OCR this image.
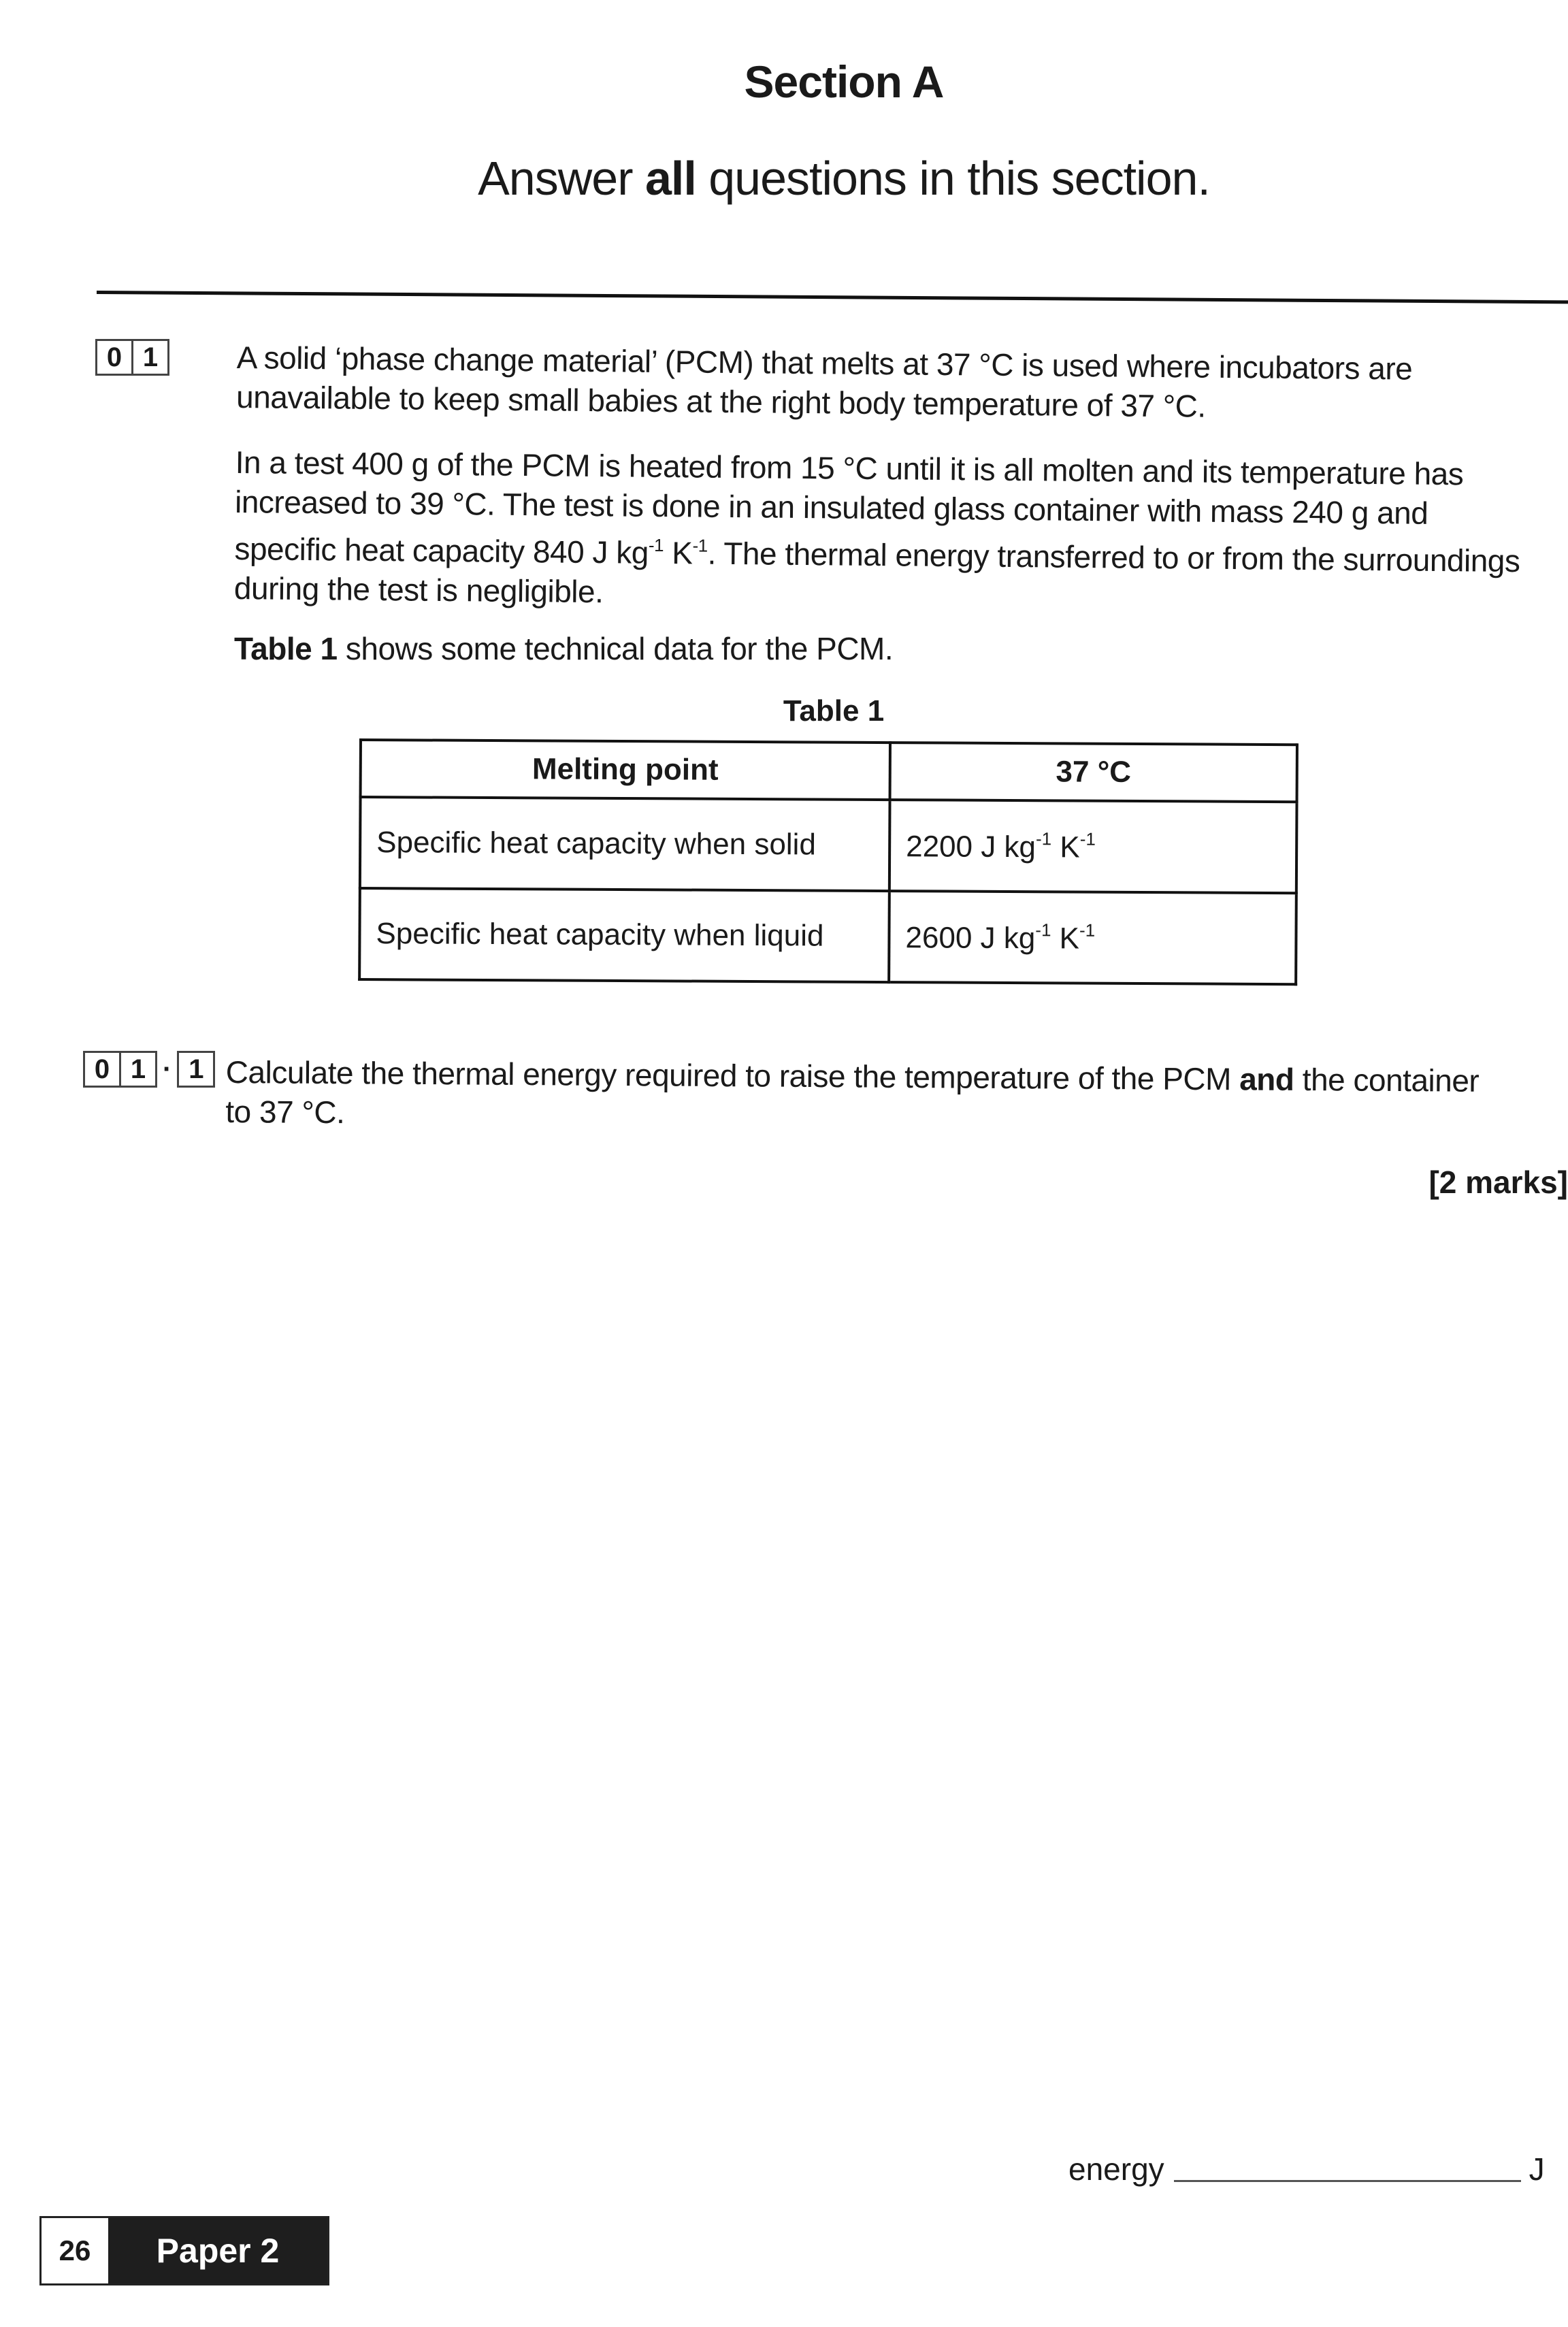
Section A
Answer all questions in this section.
0 1	A solid ‘phase change material’ (PCM) that melts at 37 °C is used where incubators are unavailable to keep small babies at the right body temperature of 37 °C.
In a test 400 g of the PCM is heated from 15 °C until it is all molten and its temperature has increased to 39 °C. The test is done in an insulated glass container with mass 240 g and specific heat capacity 840 J $kg^{-1}$ $K^{-1}$. The thermal energy transferred to or from the surroundings during the test is negligible.
Table 1 shows some technical data for the PCM.
Table 1
Melting point	37 °C
Specific heat capacity when solid	2200 J $kg^{-1}$ $K^{-1}$
Specific heat capacity when liquid	2600 J $kg^{-1}$ $K^{-1}$
0 1 · 1 Calculate the thermal energy required to raise the temperature of the PCM and the container to 37 °C.
[2 marks]
energy	J
26	Paper 2
